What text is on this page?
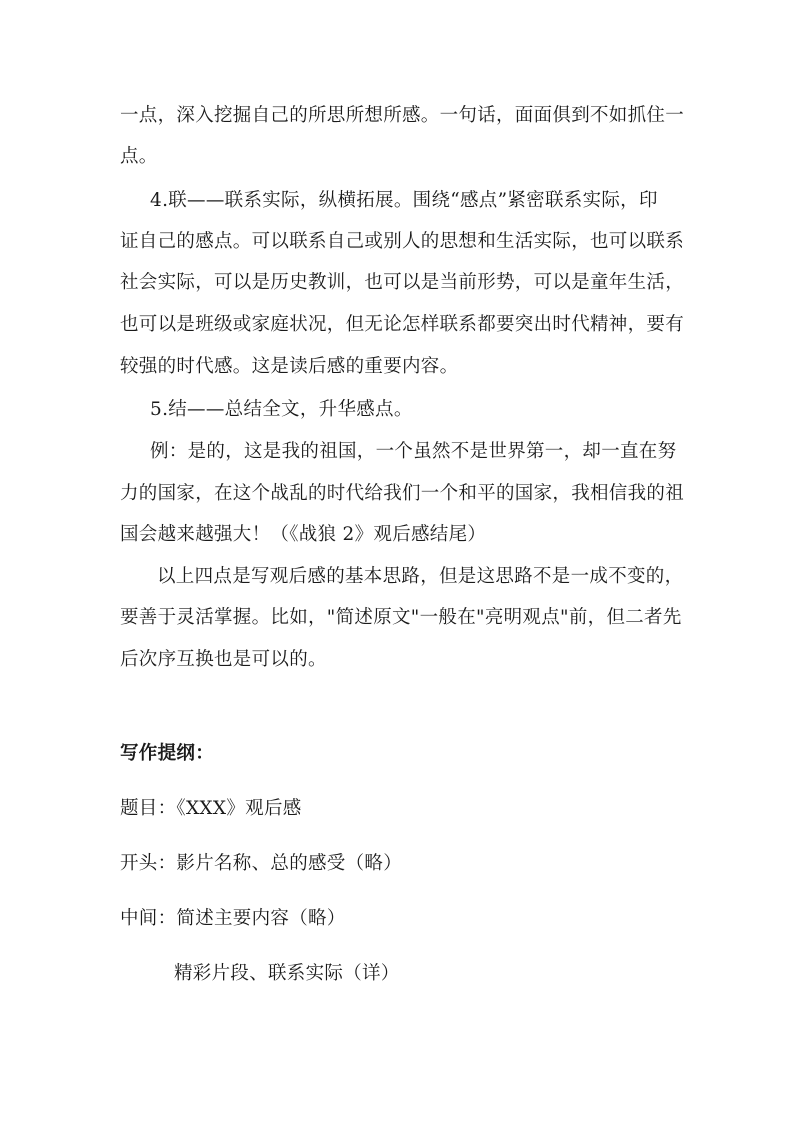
一点，深入挖掘自己的所思所想所感。一句话，面面俱到不如抓住一
点。
4.联——联系实际，纵横拓展。围绕“感点”紧密联系实际，印
证自己的感点。可以联系自己或别人的思想和生活实际，也可以联系
社会实际，可以是历史教训，也可以是当前形势，可以是童年生活，
也可以是班级或家庭状况，但无论怎样联系都要突出时代精神，要有
较强的时代感。这是读后感的重要内容。
5.结——总结全文，升华感点。
例：是的，这是我的祖国，一个虽然不是世界第一，却一直在努
力的国家，在这个战乱的时代给我们一个和平的国家，我相信我的祖
国会越来越强大！（《战狼 2》观后感结尾）
以上四点是写观后感的基本思路，但是这思路不是一成不变的，
要善于灵活掌握。比如，"简述原文"一般在"亮明观点"前，但二者先
后次序互换也是可以的。
写作提纲：
题目：《XXX》观后感
开头：影片名称、总的感受（略）
中间：简述主要内容（略）
精彩片段、联系实际（详）
